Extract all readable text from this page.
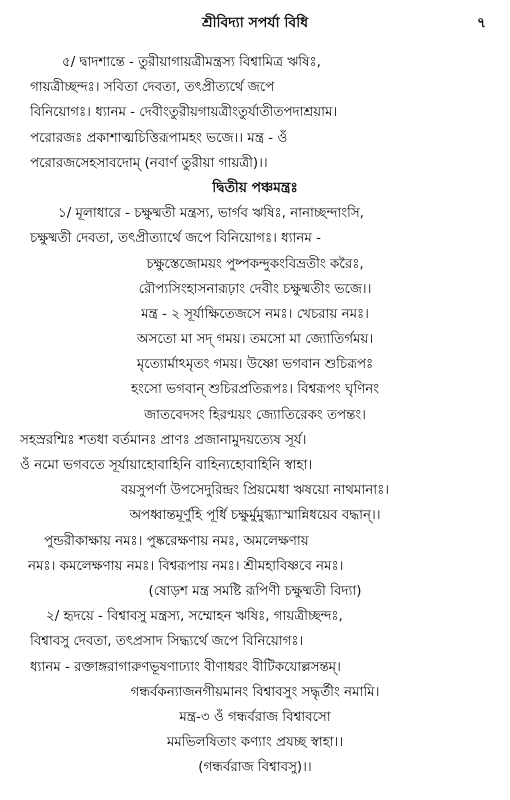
শ্রীবিদ্যা সপর্যা বিধি	৭
৫/ দ্বাদশান্তে - তুরীয়াগায়ত্রীমন্ত্রস্য বিশ্বামিত্র ঋষিঃ,
গায়ত্রীচ্ছন্দঃ। সবিতা দেবতা, তৎপ্রীত্যর্থে জপে
বিনিয়োগঃ। ধ্যানম - দেবীংতুরীয়গায়ত্রীংতুর্যাতীতপদাশ্রয়াম।
পরোরজঃ প্রকাশাত্মচিত্তিরূপামহং ভজে।। মন্ত্র - ওঁ
পরোরজসেহসাবদোম্ (নবার্ণ তুরীয়া গায়ত্রী)।।
দ্বিতীয় পঞ্চমন্ত্রঃ
১/ মূলাধারে - চক্ষুষ্মতী মন্ত্রস্য, ভার্গব ঋষিঃ, নানাচ্ছন্দাংসি,
চক্ষুষ্মতী দেবতা, তৎপ্রীত্যার্থে জপে বিনিয়োগঃ। ধ্যানম -
চক্ষুস্তেজোময়ং পুষ্পকন্দুকংবিভ্রতীং করৈঃ,
রৌপ্যসিংহাসনারূঢ়াং দেবীং চক্ষুষ্মতীং ভজে।।
মন্ত্র - ২ সূর্যাক্ষিতেজসে নমঃ। খেচরায় নমঃ।
অসতো মা সদ্ গময়। তমসো মা জ্যোতির্গময়।
মৃত্যোর্মাঽমৃতং গময়। উষ্ণো ভগবান শুচিরূপঃ
হংসো ভগবান্ শুচিরপ্রতিরূপঃ। বিশ্বরূপং ঘৃণিনং
জাতবেদসং হিরণ্ময়ং জ্যোতিরেকং তপন্তং।
সহস্ররশ্মিঃ শতধা বর্তমানঃ প্রাণঃ প্রজানামুদয়ত্যেষ সূর্য।
ওঁ নমো ভগবতে সূর্যায়াহোবাহিনি বাহিন্যহোবাহিনি স্বাহা।
বয়সুপর্ণা উপসেদুরিন্দ্রং প্রিয়মেধা ঋষয়ো নাথমানাঃ।
অপধ্বান্তমূর্ণুহি পূর্ধি চক্ষুর্মুমুগ্ধ্যাস্মান্নিধয়েব বদ্ধান্।।
পুন্ডরীকাক্ষায় নমঃ। পুষ্করেক্ষণায় নমঃ, অমলেক্ষণায়
নমঃ। কমলেক্ষণায় নমঃ। বিশ্বরূপায় নমঃ। শ্রীমহাবিষ্ণবে নমঃ।
(ষোড়শ মন্ত্র সমষ্টি রূপিণী চক্ষুষ্মতী বিদ্যা)
২/ হৃদয়ে - বিশ্বাবসু মন্ত্রস্য, সম্মোহন ঋষিঃ, গায়ত্রীচ্ছন্দঃ,
বিশ্বাবসু দেবতা, তৎপ্রসাদ সিদ্ধ্যর্থে জপে বিনিয়োগঃ।
ধ্যানম - রক্তাঙ্গরাগারুণভূষণাঢ্যাং বীণাধরং বীটিকযোল্লসন্তম্।
গন্ধর্বকন্যাজনগীয়মানং বিশ্বাবসুং সদ্ধৃর্তীং নমামি।
মন্ত্র-৩ ওঁ গন্ধর্বরাজ বিশ্বাবসো
মমভিলষিতাং কণ্যাং প্রযচ্ছ স্বাহা।।
(গন্ধর্বরাজ বিশ্বাবসু)।।
